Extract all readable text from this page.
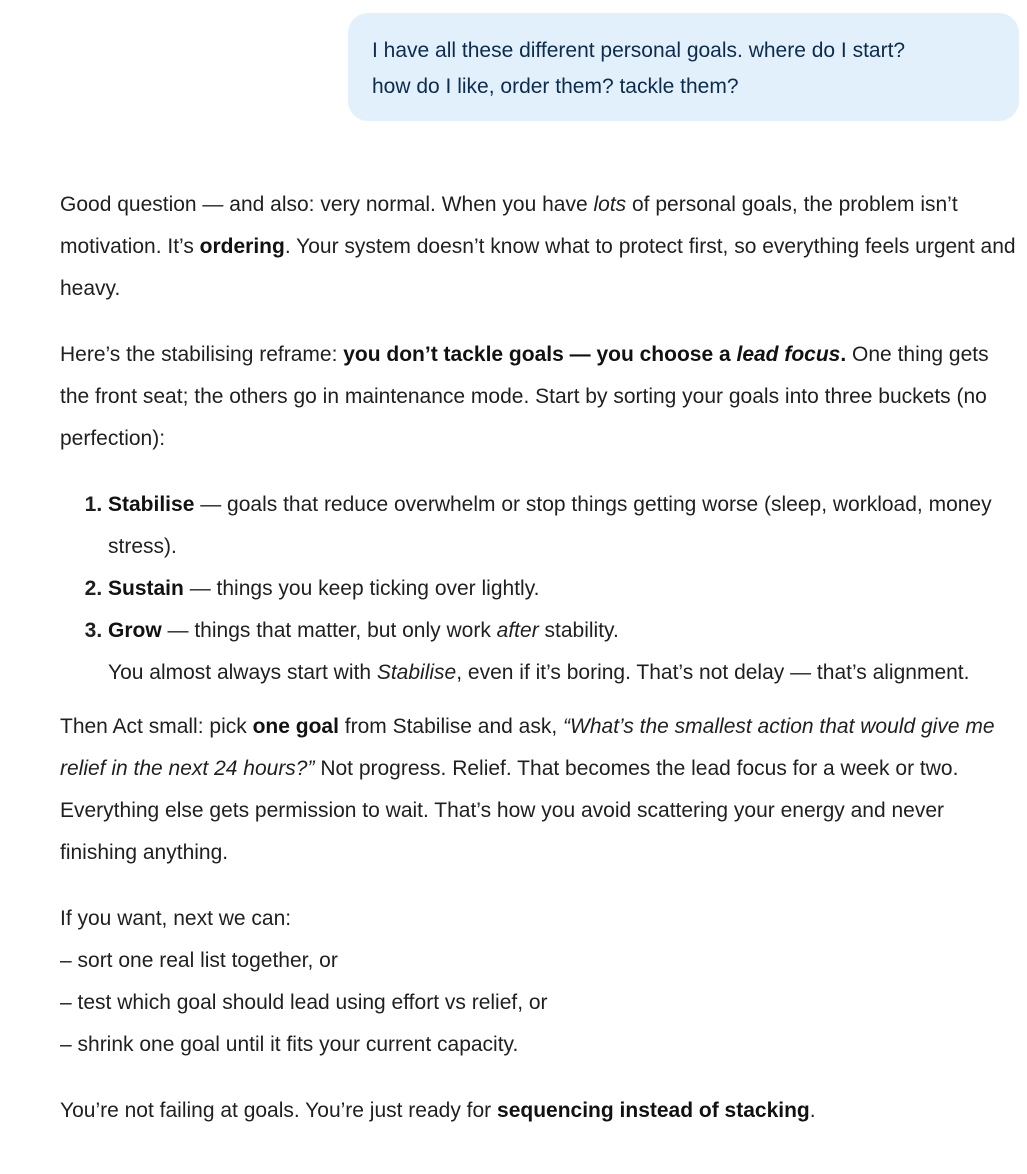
I have all these different personal goals. where do I start?
how do I like, order them? tackle them?

Good question — and also: very normal. When you have lots of personal goals, the problem isn’t motivation. It’s ordering. Your system doesn’t know what to protect first, so everything feels urgent and heavy.

Here’s the stabilising reframe: you don’t tackle goals — you choose a lead focus. One thing gets the front seat; the others go in maintenance mode. Start by sorting your goals into three buckets (no perfection):

1. Stabilise — goals that reduce overwhelm or stop things getting worse (sleep, workload, money stress).
2. Sustain — things you keep ticking over lightly.
3. Grow — things that matter, but only work after stability.
You almost always start with Stabilise, even if it’s boring. That’s not delay — that’s alignment.

Then Act small: pick one goal from Stabilise and ask, “What’s the smallest action that would give me relief in the next 24 hours?” Not progress. Relief. That becomes the lead focus for a week or two. Everything else gets permission to wait. That’s how you avoid scattering your energy and never finishing anything.

If you want, next we can:
– sort one real list together, or
– test which goal should lead using effort vs relief, or
– shrink one goal until it fits your current capacity.

You’re not failing at goals. You’re just ready for sequencing instead of stacking.
